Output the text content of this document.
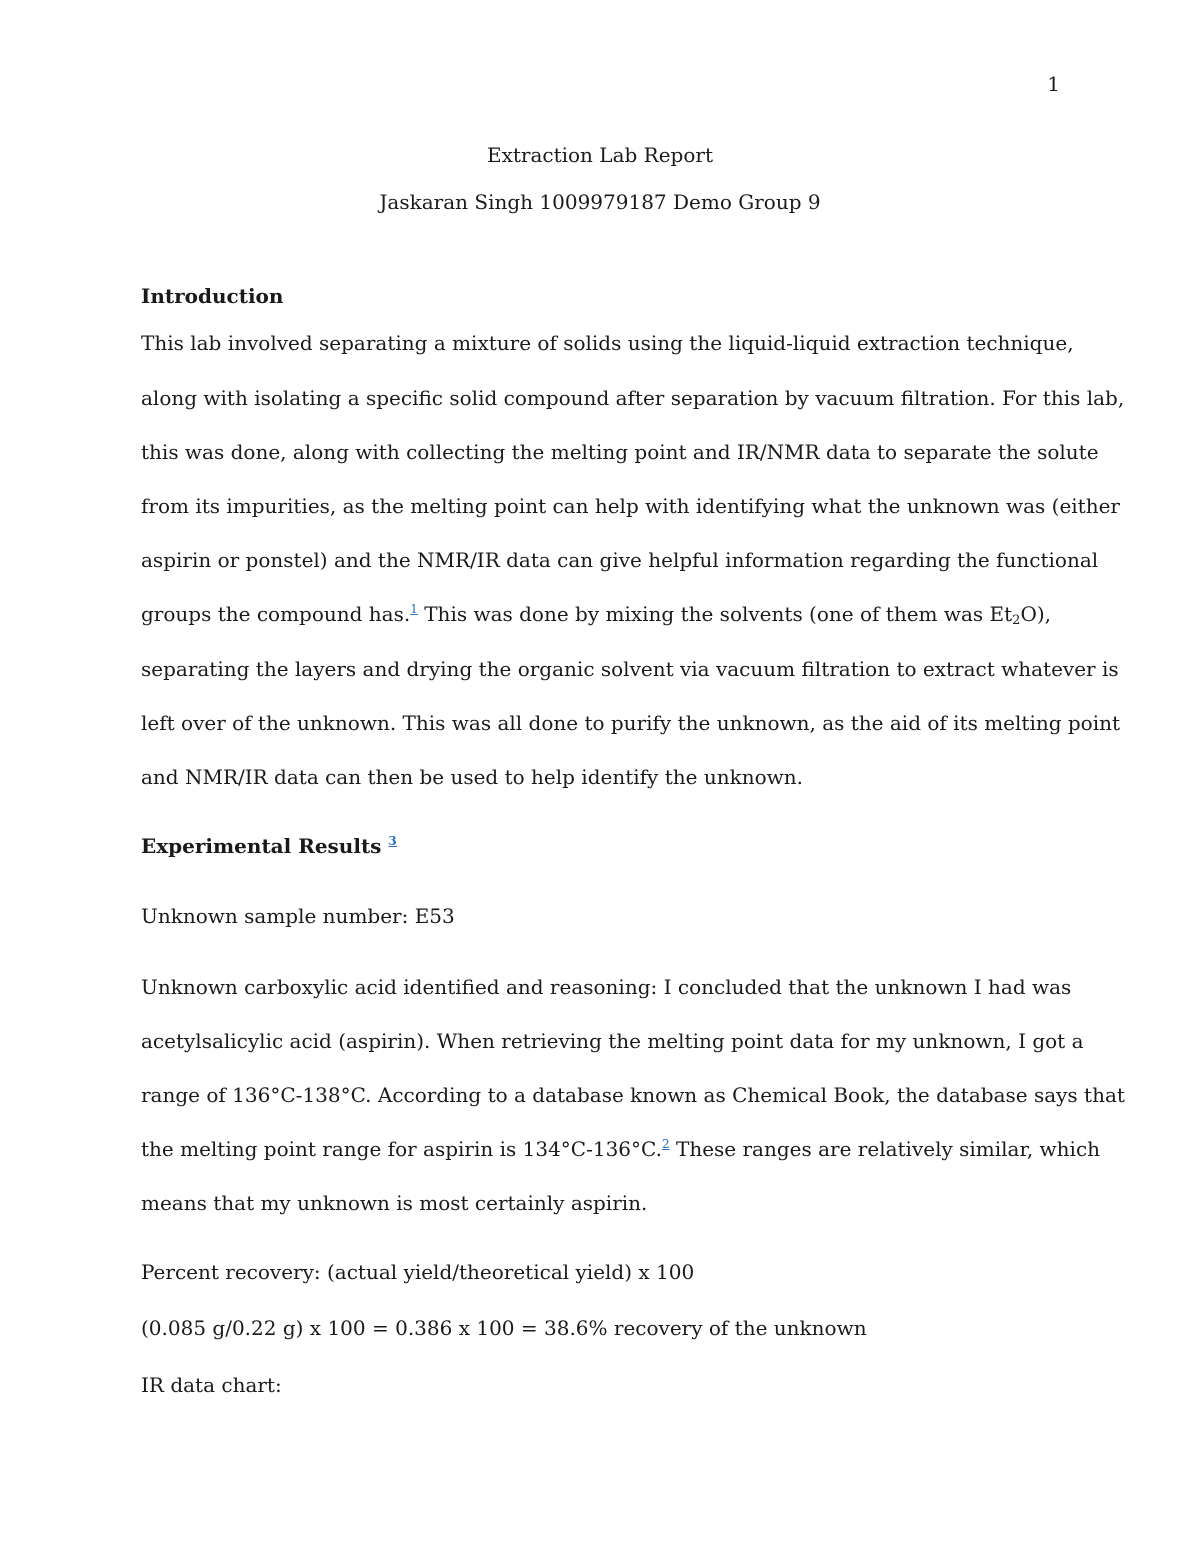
1
Extraction Lab Report
Jaskaran Singh 1009979187 Demo Group 9
Introduction
This lab involved separating a mixture of solids using the liquid-liquid extraction technique,
along with isolating a specific solid compound after separation by vacuum filtration. For this lab,
this was done, along with collecting the melting point and IR/NMR data to separate the solute
from its impurities, as the melting point can help with identifying what the unknown was (either
aspirin or ponstel) and the NMR/IR data can give helpful information regarding the functional
groups the compound has.$^1$ This was done by mixing the solvents (one of them was $Et_2O$),
separating the layers and drying the organic solvent via vacuum filtration to extract whatever is
left over of the unknown. This was all done to purify the unknown, as the aid of its melting point
and NMR/IR data can then be used to help identify the unknown.
Experimental Results $^3$
Unknown sample number: E53
Unknown carboxylic acid identified and reasoning: I concluded that the unknown I had was
acetylsalicylic acid (aspirin). When retrieving the melting point data for my unknown, I got a
range of 136°C-138°C. According to a database known as Chemical Book, the database says that
the melting point range for aspirin is 134°C-136°C.$^2$ These ranges are relatively similar, which
means that my unknown is most certainly aspirin.
Percent recovery: (actual yield/theoretical yield) x 100
(0.085 g/0.22 g) x 100 = 0.386 x 100 = 38.6% recovery of the unknown
IR data chart:
